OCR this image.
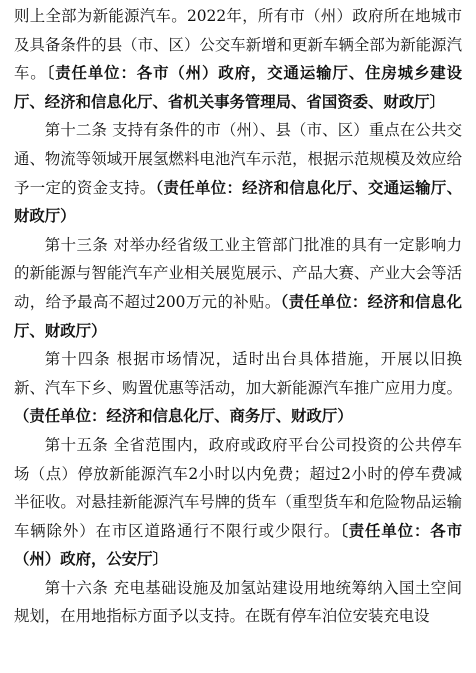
则上全部为新能源汽车。2022年，所有市（州）政府所在地城市及具备条件的县（市、区）公交车新增和更新车辆全部为新能源汽车。〔责任单位：各市（州）政府，交通运输厅、住房城乡建设厅、经济和信息化厅、省机关事务管理局、省国资委、财政厅〕

第十二条 支持有条件的市（州）、县（市、区）重点在公共交通、物流等领域开展氢燃料电池汽车示范，根据示范规模及效应给予一定的资金支持。（责任单位：经济和信息化厅、交通运输厅、财政厅）

第十三条 对举办经省级工业主管部门批准的具有一定影响力的新能源与智能汽车产业相关展览展示、产品大赛、产业大会等活动，给予最高不超过200万元的补贴。（责任单位：经济和信息化厅、财政厅）

第十四条 根据市场情况，适时出台具体措施，开展以旧换新、汽车下乡、购置优惠等活动，加大新能源汽车推广应用力度。（责任单位：经济和信息化厅、商务厅、财政厅）

第十五条 全省范围内，政府或政府平台公司投资的公共停车场（点）停放新能源汽车2小时以内免费；超过2小时的停车费减半征收。对悬挂新能源汽车号牌的货车（重型货车和危险物品运输车辆除外）在市区道路通行不限行或少限行。〔责任单位：各市（州）政府，公安厅〕

第十六条 充电基础设施及加氢站建设用地统筹纳入国土空间规划，在用地指标方面予以支持。在既有停车泊位安装充电设
